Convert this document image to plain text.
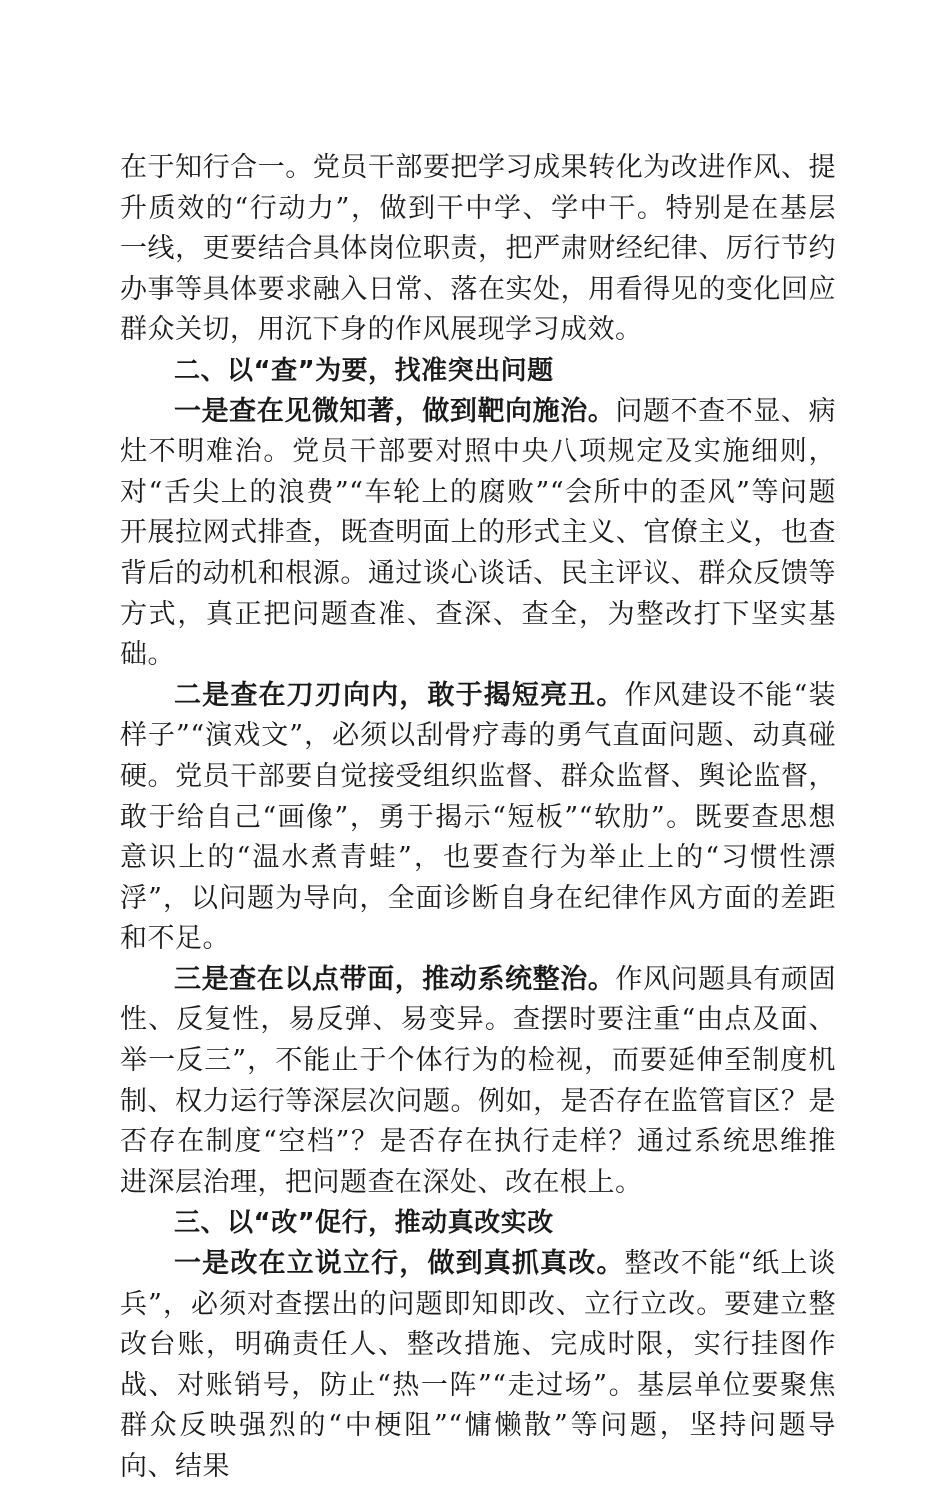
在于知行合一。党员干部要把学习成果转化为改进作风、提升质效的“行动力”，做到干中学、学中干。特别是在基层一线，更要结合具体岗位职责，把严肃财经纪律、厉行节约办事等具体要求融入日常、落在实处，用看得见的变化回应群众关切，用沉下身的作风展现学习成效。

二、以“查”为要，找准突出问题

一是查在见微知著，做到靶向施治。问题不查不显、病灶不明难治。党员干部要对照中央八项规定及实施细则，对“舌尖上的浪费”“车轮上的腐败”“会所中的歪风”等问题开展拉网式排查，既查明面上的形式主义、官僚主义，也查背后的动机和根源。通过谈心谈话、民主评议、群众反馈等方式，真正把问题查准、查深、查全，为整改打下坚实基础。

二是查在刀刃向内，敢于揭短亮丑。作风建设不能“装样子”“演戏文”，必须以刮骨疗毒的勇气直面问题、动真碰硬。党员干部要自觉接受组织监督、群众监督、舆论监督，敢于给自己“画像”，勇于揭示“短板”“软肋”。既要查思想意识上的“温水煮青蛙”，也要查行为举止上的“习惯性漂浮”，以问题为导向，全面诊断自身在纪律作风方面的差距和不足。

三是查在以点带面，推动系统整治。作风问题具有顽固性、反复性，易反弹、易变异。查摆时要注重“由点及面、举一反三”，不能止于个体行为的检视，而要延伸至制度机制、权力运行等深层次问题。例如，是否存在监管盲区？是否存在制度“空档”？是否存在执行走样？通过系统思维推进深层治理，把问题查在深处、改在根上。

三、以“改”促行，推动真改实改

一是改在立说立行，做到真抓真改。整改不能“纸上谈兵”，必须对查摆出的问题即知即改、立行立改。要建立整改台账，明确责任人、整改措施、完成时限，实行挂图作战、对账销号，防止“热一阵”“走过场”。基层单位要聚焦群众反映强烈的“中梗阻”“慵懒散”等问题，坚持问题导向、结果
